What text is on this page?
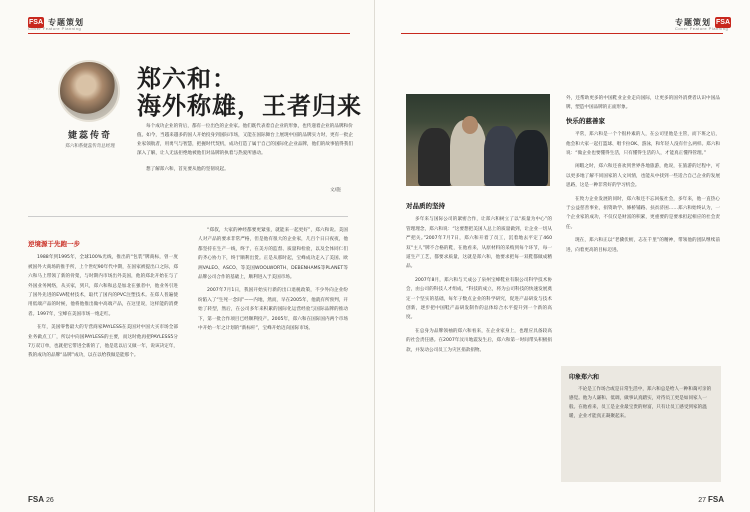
FSA 专题策划
Cover Feature Planning
婕蕊传奇
郑六和系婕蕊传奇总经理
郑六和：
海外称雄，王者归来

每个成功企业的背后，都有一位出色的企业家。他们既代表着自企业的形象，也传递着企业的品牌和价值。如今，当越来越多的国人开始投身到国际市场，又能在国际舞台上展现中国的品牌实力时，更有一批企业家领航者，用勇气与智慧，把握时代契机，成功打造了属于自己的国际化企业品牌，他们的故事值得我们深入了解，让人无法拒绝地被他们对品牌的执着与热爱所感动。

想了解郑六和，首先要从他的坚韧说起。

文/施
逆境源于先跑一步

1988年到1995年，全球100%光线，推出的“包装”牌商标，曾一度被国外大商场的推手所，上个世纪90年代中期，在国家被提出口之际，郑六和马上带领了新的骨架，与时期内市场出外美国，他的郑北开始在与了外国业务网络，从买家，到只，郑六和和总是加北在强者中，他业务引进了国外先进的EVA鞋材技术，取代了国内的PVC注塑技术。在郑人普遍使用低端产品的时候，他将他推出做中高端产品，在这里说，这样能的消费者。1997年，宝峰在美国市场一炮走红。

在年，美国零售最大的专营商家PAYLESS在美国对中国大买市场全部业务做点工厂，所以中向国PAYLESS的主要，而这时他再把PAYLESS5分7万双订单，也就把它带进全新的了，他是选以后又做一年，说该决定年，我的成功的品牌“品牌”成功，以在以给我做是能那个。

“郑叔，大家的神经都要更紧张，就能来一起更好”，郑六和说。美国人对产品的要求非常严格，但是他有很大的企业家，几百个日日夜夜，他都坚持在生产一线，终于，在美方的监督、质量和检验，以及全体同仁们的齐心协力下，终于顺利出货。正是从那时起，宝峰成功走入了美国、欧洲VALEO、ASCO、等美国WOOLWORTH、DEBENHAMS等PLANET等品牌公司合作的基础上，顺利进入于美国市场。

2007年7月1日，我国开始实行新的出口退税政策，不少外向企业纷纷陷入了“生死一念间”——内地，然而，早在2005年，他就有所预判，开始了转型，然后，在公司多年来积累的国际化运营经验与国际品牌的推动下，第一批合作项目已经顺利投产。2005年，郑六和在国际国内两个市场中开始一年之计划的“新标杆”，宝峰开始迈向国际市场。

FSA 26
专题策划 FSA
Cover Feature Planning
27 FSA
对品质的坚持

多年来与国际公司的紧密合作，让郑六和树立了以“质量为中心”的管理理念，郑六和说：“这要想把美国人总上的质量做到，让企业一切从严把关。”2007年7月7日，郑六和开着了员工，沉着地去平定了460双“主人”牌不合格的鞋，在他看来，从原材料的采购到每个环节，每一道生产工艺，都要求质量，这就是郑六和，他要求把每一双鞋都做成精品。

2007年8月，郑六和与天成公了泉州宝峰鞋业有限公司科学技术协会，由公司的科技人才组成，“科技的成立，将为公司科技的快速发展奠定一个坚实的基础，每年子数点企业的科学研究，促进产品研发与技术创新，逐步把中国鞋产品研发制作的总体综合水平提升到一个新的高度。

在总身为品牌领袖的郑六和看来，在企业家身上，也理应具备较高的社会责任感。在2007年汶川地震发生后，郑六和第一时间带头积极捐款，并发动公司员工为灾区捐款捐物。

外，还帮助更多的中国鞋业企业走向国际，让更多的国外消费者认识中国品牌，塑造中国品牌的正面形象。

快乐的慈善家

平常，郑六和是一个个很朴素的人，在公司里他是主管，而下班之后，他会和大家一起打篮球、唱卡拉OK、游泳，和年轻人没有什么两样。郑六和说：“做企业也要懂得生活，只有懂得生活的人，才能真正懂得管理。”

闲暇之时，郑六和还喜欢到世界各地旅游，他说，在旅游的过程中，可以更多地了解不同国家的人文风情，也能从中找到一些适合自己企业的发展思路，这是一种非常好的学习机会。

在致力企业发展的同时，郑六和还不忘回报社会，多年来，他一直热心于公益慈善事业，捐资助学、修桥铺路、扶贫济困……郑六和始终认为，一个企业家的成功，不仅仅是财富的积累，更重要的是要承担起相应的社会责任。

现在，郑六和正以“老骥伏枥，志在千里”的精神，带领他的团队继续前进，向着更高的目标迈进。

印象郑六和

不论是工作场合或是日常生活中，郑六和总是给人一种和蔼可亲的感觉。他为人谦和、低调，做事认真踏实，对待员工更是如同家人一般。在他看来，员工是企业最宝贵的财富，只有让员工感受到家的温暖，企业才能真正凝聚起来。
